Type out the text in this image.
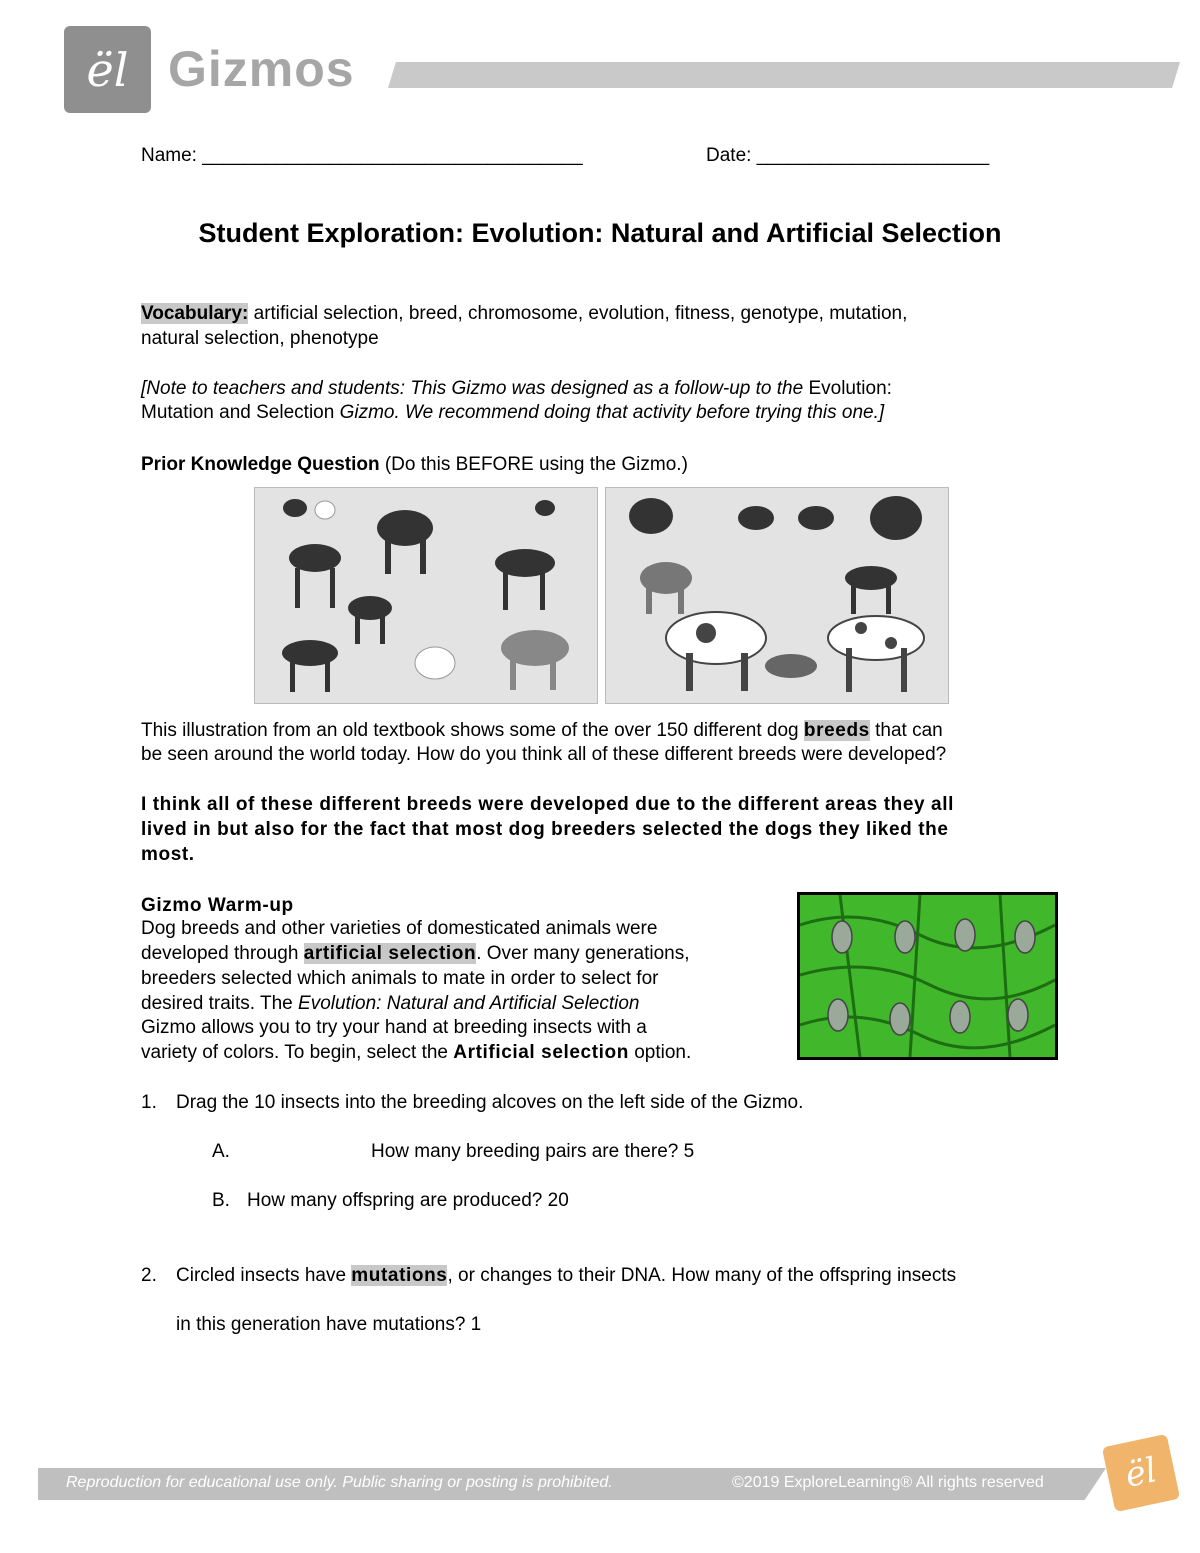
ël Gizmos
Name: ____________________________________	Date: ______________________
Student Exploration: Evolution: Natural and Artificial Selection
Vocabulary: artificial selection, breed, chromosome, evolution, fitness, genotype, mutation,
natural selection, phenotype
[Note to teachers and students: This Gizmo was designed as a follow-up to the Evolution:
Mutation and Selection Gizmo. We recommend doing that activity before trying this one.]
Prior Knowledge Question (Do this BEFORE using the Gizmo.)
This illustration from an old textbook shows some of the over 150 different dog breeds that can
be seen around the world today. How do you think all of these different breeds were developed?
I think all of these different breeds were developed due to the different areas they all
lived in but also for the fact that most dog breeders selected the dogs they liked the
most.
Gizmo Warm-up
Dog breeds and other varieties of domesticated animals were
developed through artificial selection. Over many generations,
breeders selected which animals to mate in order to select for
desired traits. The Evolution: Natural and Artificial Selection
Gizmo allows you to try your hand at breeding insects with a
variety of colors. To begin, select the Artificial selection option.
1. Drag the 10 insects into the breeding alcoves on the left side of the Gizmo.
A.	How many breeding pairs are there? 5
B. How many offspring are produced? 20
2. Circled insects have mutations, or changes to their DNA. How many of the offspring insects
in this generation have mutations? 1
Reproduction for educational use only. Public sharing or posting is prohibited.	©2019 ExploreLearning® All rights reserved	ël
